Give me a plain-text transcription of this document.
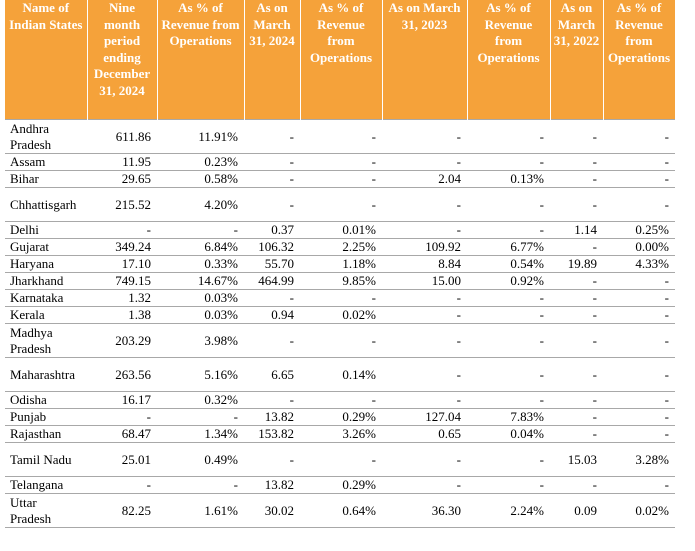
Name of Indian States	Nine month period ending December 31, 2024	As % of Revenue from Operations	As on March 31, 2024	As % of Revenue from Operations	As on March 31, 2023	As % of Revenue from Operations	As on March 31, 2022	As % of Revenue from Operations
Andhra Pradesh	611.86	11.91%	-	-	-	-	-	-
Assam	11.95	0.23%	-	-	-	-	-	-
Bihar	29.65	0.58%	-	-	2.04	0.13%	-	-
Chhattisgarh	215.52	4.20%	-	-	-	-	-	-
Delhi	-	-	0.37	0.01%	-	-	1.14	0.25%
Gujarat	349.24	6.84%	106.32	2.25%	109.92	6.77%	-	0.00%
Haryana	17.10	0.33%	55.70	1.18%	8.84	0.54%	19.89	4.33%
Jharkhand	749.15	14.67%	464.99	9.85%	15.00	0.92%	-	-
Karnataka	1.32	0.03%	-	-	-	-	-	-
Kerala	1.38	0.03%	0.94	0.02%	-	-	-	-
Madhya Pradesh	203.29	3.98%	-	-	-	-	-	-
Maharashtra	263.56	5.16%	6.65	0.14%	-	-	-	-
Odisha	16.17	0.32%	-	-	-	-	-	-
Punjab	-	-	13.82	0.29%	127.04	7.83%	-	-
Rajasthan	68.47	1.34%	153.82	3.26%	0.65	0.04%	-	-
Tamil Nadu	25.01	0.49%	-	-	-	-	15.03	3.28%
Telangana	-	-	13.82	0.29%	-	-	-	-
Uttar Pradesh	82.25	1.61%	30.02	0.64%	36.30	2.24%	0.09	0.02%
